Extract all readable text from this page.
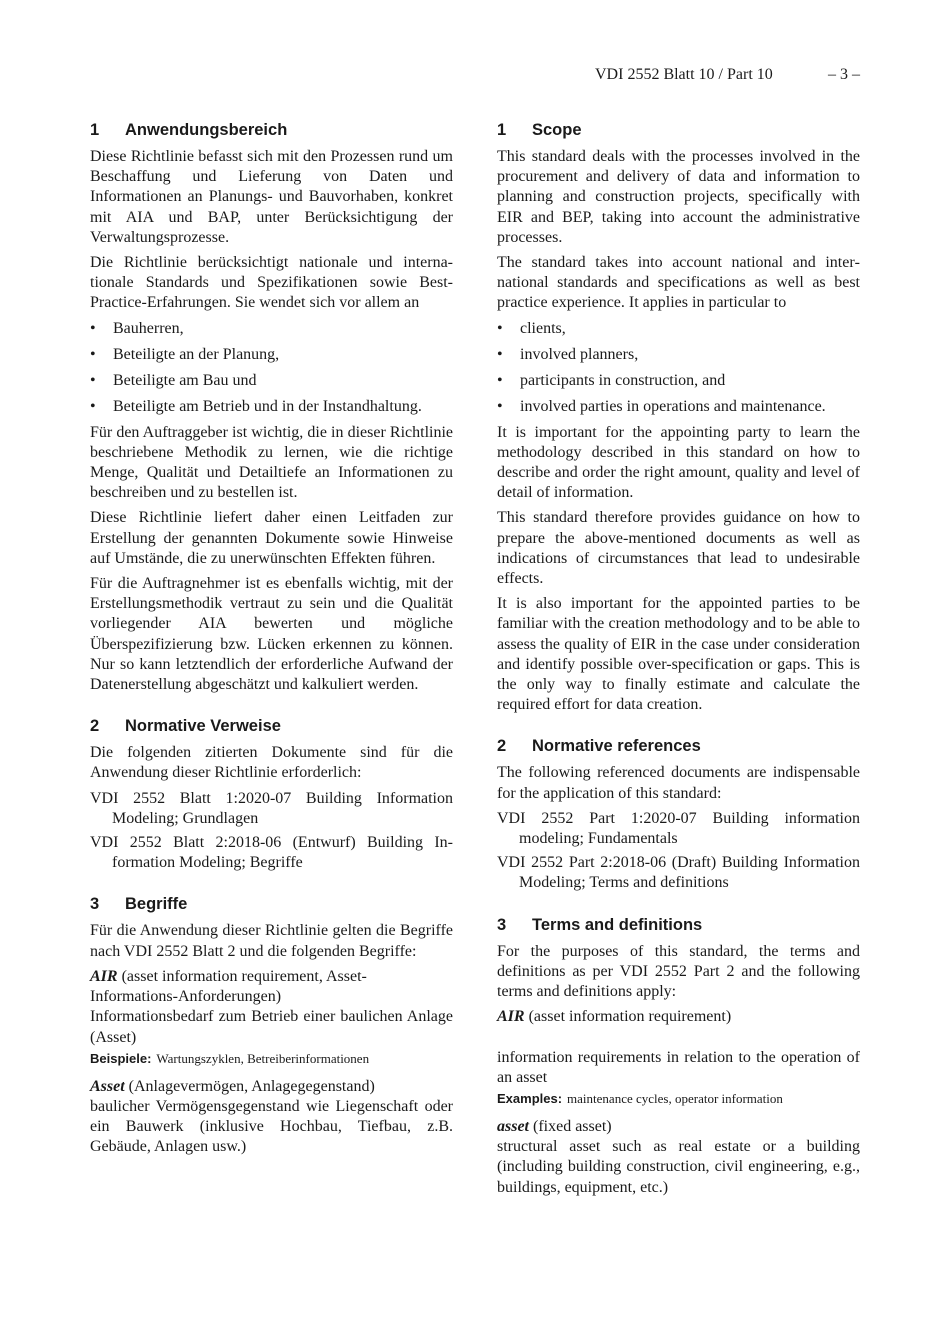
VDI 2552 Blatt 10 / Part 10	– 3 –
1	Anwendungsbereich

Diese Richtlinie befasst sich mit den Prozessen rund um Beschaffung und Lieferung von Daten und Informationen an Planungs- und Bauvorhaben, konkret mit AIA und BAP, unter Berücksichtigung der Verwaltungsprozesse.

Die Richtlinie berücksichtigt nationale und internationale Standards und Spezifikationen sowie Best-Practice-Erfahrungen. Sie wendet sich vor allem an

•	Bauherren,
•	Beteiligte an der Planung,
•	Beteiligte am Bau und
•	Beteiligte am Betrieb und in der Instandhaltung.

Für den Auftraggeber ist wichtig, die in dieser Richtlinie beschriebene Methodik zu lernen, wie die richtige Menge, Qualität und Detailtiefe an Informationen zu beschreiben und zu bestellen ist.

Diese Richtlinie liefert daher einen Leitfaden zur Erstellung der genannten Dokumente sowie Hinweise auf Umstände, die zu unerwünschten Effekten führen.

Für die Auftragnehmer ist es ebenfalls wichtig, mit der Erstellungsmethodik vertraut zu sein und die Qualität vorliegender AIA bewerten und mögliche Überspezifizierung bzw. Lücken erkennen zu können. Nur so kann letztendlich der erforderliche Aufwand der Datenerstellung abgeschätzt und kalkuliert werden.

2	Normative Verweise

Die folgenden zitierten Dokumente sind für die Anwendung dieser Richtlinie erforderlich:

VDI 2552 Blatt 1:2020-07 Building Information Modeling; Grundlagen

VDI 2552 Blatt 2:2018-06 (Entwurf) Building Information Modeling; Begriffe

3	Begriffe

Für die Anwendung dieser Richtlinie gelten die Begriffe nach VDI 2552 Blatt 2 und die folgenden Begriffe:

AIR (asset information requirement, Asset-Informations-Anforderungen)

Informationsbedarf zum Betrieb einer baulichen Anlage (Asset)

Beispiele: Wartungszyklen, Betreiberinformationen

Asset (Anlagevermögen, Anlagegegenstand)

baulicher Vermögensgegenstand wie Liegenschaft oder ein Bauwerk (inklusive Hochbau, Tiefbau, z.B. Gebäude, Anlagen usw.)

1	Scope

This standard deals with the processes involved in the procurement and delivery of data and information to planning and construction projects, specifically with EIR and BEP, taking into account the administrative processes.

The standard takes into account national and international standards and specifications as well as best practice experience. It applies in particular to

•	clients,
•	involved planners,
•	participants in construction, and
•	involved parties in operations and maintenance.

It is important for the appointing party to learn the methodology described in this standard on how to describe and order the right amount, quality and level of detail of information.

This standard therefore provides guidance on how to prepare the above-mentioned documents as well as indications of circumstances that lead to undesirable effects.

It is also important for the appointed parties to be familiar with the creation methodology and to be able to assess the quality of EIR in the case under consideration and identify possible over-specification or gaps. This is the only way to finally estimate and calculate the required effort for data creation.

2	Normative references

The following referenced documents are indispensable for the application of this standard:

VDI 2552 Part 1:2020-07 Building information modeling; Fundamentals

VDI 2552 Part 2:2018-06 (Draft) Building Information Modeling; Terms and definitions

3	Terms and definitions

For the purposes of this standard, the terms and definitions as per VDI 2552 Part 2 and the following terms and definitions apply:

AIR (asset information requirement)

information requirements in relation to the operation of an asset

Examples: maintenance cycles, operator information

asset (fixed asset)

structural asset such as real estate or a building (including building construction, civil engineering, e.g., buildings, equipment, etc.)
